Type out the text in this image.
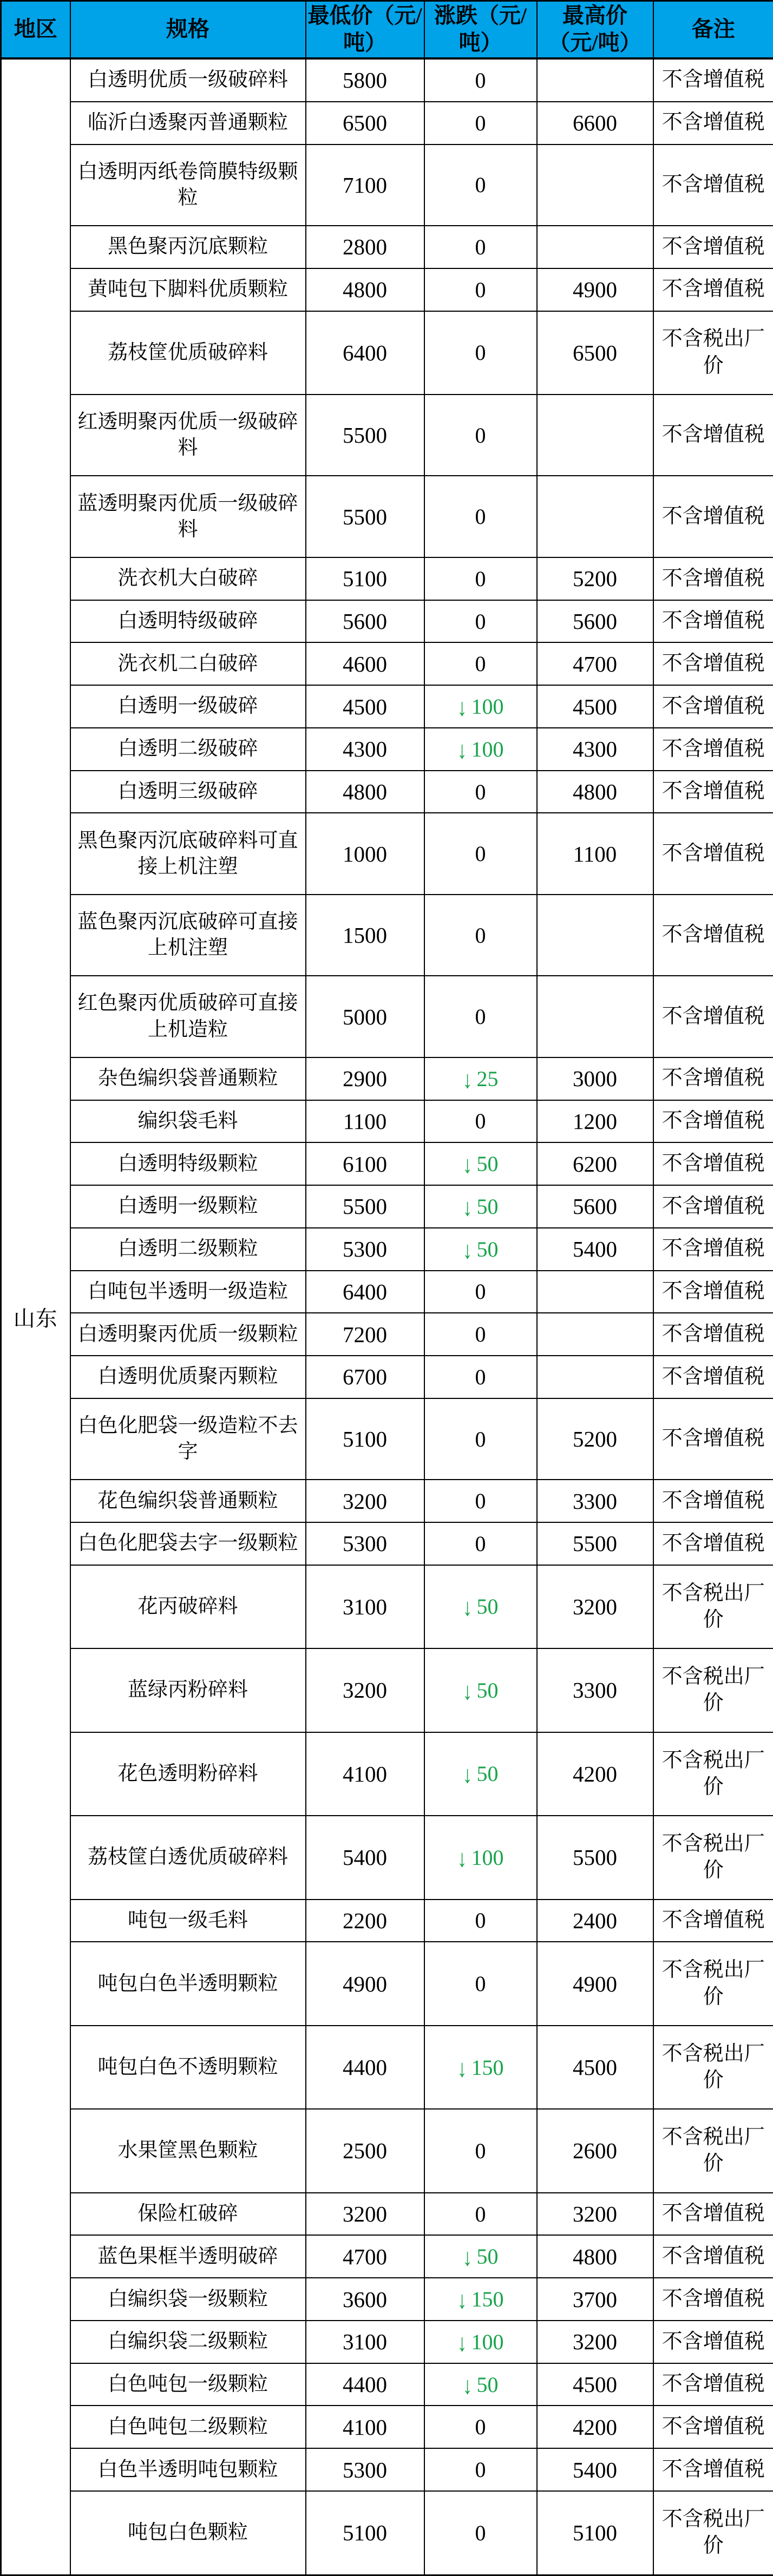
地区	规格	最低价（元/吨）	涨跌（元/吨）	最高价（元/吨）	备注
山东	白透明优质一级破碎料	5800	0		不含增值税
	临沂白透聚丙普通颗粒	6500	0	6600	不含增值税
	白透明丙纸卷筒膜特级颗粒	7100	0		不含增值税
	黑色聚丙沉底颗粒	2800	0		不含增值税
	黄吨包下脚料优质颗粒	4800	0	4900	不含增值税
	荔枝筐优质破碎料	6400	0	6500	不含税出厂价
	红透明聚丙优质一级破碎料	5500	0		不含增值税
	蓝透明聚丙优质一级破碎料	5500	0		不含增值税
	洗衣机大白破碎	5100	0	5200	不含增值税
	白透明特级破碎	5600	0	5600	不含增值税
	洗衣机二白破碎	4600	0	4700	不含增值税
	白透明一级破碎	4500	↓ 100	4500	不含增值税
	白透明二级破碎	4300	↓ 100	4300	不含增值税
	白透明三级破碎	4800	0	4800	不含增值税
	黑色聚丙沉底破碎料可直接上机注塑	1000	0	1100	不含增值税
	蓝色聚丙沉底破碎可直接上机注塑	1500	0		不含增值税
	红色聚丙优质破碎可直接上机造粒	5000	0		不含增值税
	杂色编织袋普通颗粒	2900	↓ 25	3000	不含增值税
	编织袋毛料	1100	0	1200	不含增值税
	白透明特级颗粒	6100	↓ 50	6200	不含增值税
	白透明一级颗粒	5500	↓ 50	5600	不含增值税
	白透明二级颗粒	5300	↓ 50	5400	不含增值税
	白吨包半透明一级造粒	6400	0		不含增值税
	白透明聚丙优质一级颗粒	7200	0		不含增值税
	白透明优质聚丙颗粒	6700	0		不含增值税
	白色化肥袋一级造粒不去字	5100	0	5200	不含增值税
	花色编织袋普通颗粒	3200	0	3300	不含增值税
	白色化肥袋去字一级颗粒	5300	0	5500	不含增值税
	花丙破碎料	3100	↓ 50	3200	不含税出厂价
	蓝绿丙粉碎料	3200	↓ 50	3300	不含税出厂价
	花色透明粉碎料	4100	↓ 50	4200	不含税出厂价
	荔枝筐白透优质破碎料	5400	↓ 100	5500	不含税出厂价
	吨包一级毛料	2200	0	2400	不含增值税
	吨包白色半透明颗粒	4900	0	4900	不含税出厂价
	吨包白色不透明颗粒	4400	↓ 150	4500	不含税出厂价
	水果筐黑色颗粒	2500	0	2600	不含税出厂价
	保险杠破碎	3200	0	3200	不含增值税
	蓝色果框半透明破碎	4700	↓ 50	4800	不含增值税
	白编织袋一级颗粒	3600	↓ 150	3700	不含增值税
	白编织袋二级颗粒	3100	↓ 100	3200	不含增值税
	白色吨包一级颗粒	4400	↓ 50	4500	不含增值税
	白色吨包二级颗粒	4100	0	4200	不含增值税
	白色半透明吨包颗粒	5300	0	5400	不含增值税
	吨包白色颗粒	5100	0	5100	不含税出厂价
